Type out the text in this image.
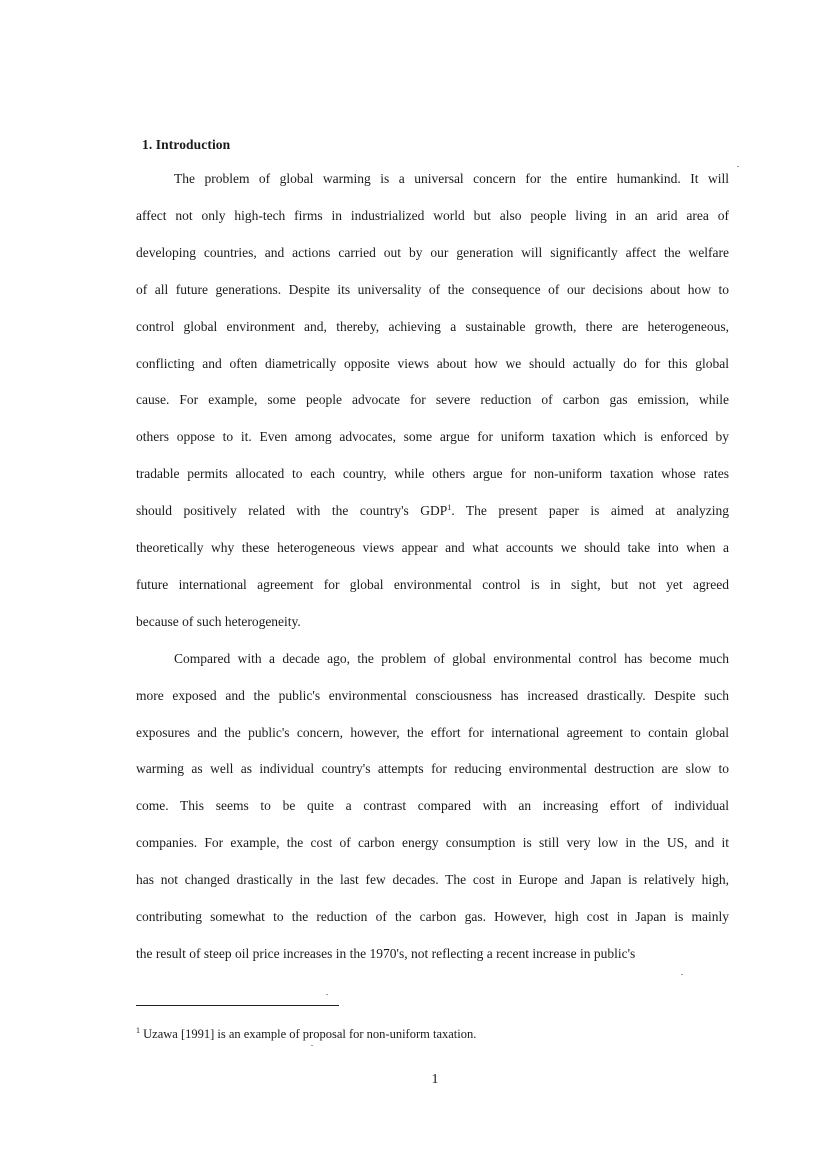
1. Introduction
The problem of global warming is a universal concern for the entire humankind. It will
affect not only high-tech firms in industrialized world but also people living in an arid area of
developing countries, and actions carried out by our generation will significantly affect the welfare
of all future generations. Despite its universality of the consequence of our decisions about how to
control global environment and, thereby, achieving a sustainable growth, there are heterogeneous,
conflicting and often diametrically opposite views about how we should actually do for this global
cause. For example, some people advocate for severe reduction of carbon gas emission, while
others oppose to it. Even among advocates, some argue for uniform taxation which is enforced by
tradable permits allocated to each country, while others argue for non-uniform taxation whose rates
should positively related with the country's GDP$^1$. The present paper is aimed at analyzing
theoretically why these heterogeneous views appear and what accounts we should take into when a
future international agreement for global environmental control is in sight, but not yet agreed
because of such heterogeneity.
Compared with a decade ago, the problem of global environmental control has become much
more exposed and the public's environmental consciousness has increased drastically. Despite such
exposures and the public's concern, however, the effort for international agreement to contain global
warming as well as individual country's attempts for reducing environmental destruction are slow to
come. This seems to be quite a contrast compared with an increasing effort of individual
companies. For example, the cost of carbon energy consumption is still very low in the US, and it
has not changed drastically in the last few decades. The cost in Europe and Japan is relatively high,
contributing somewhat to the reduction of the carbon gas. However, high cost in Japan is mainly
the result of steep oil price increases in the 1970's, not reflecting a recent increase in public's
$^1$ Uzawa [1991] is an example of proposal for non-uniform taxation.
1
